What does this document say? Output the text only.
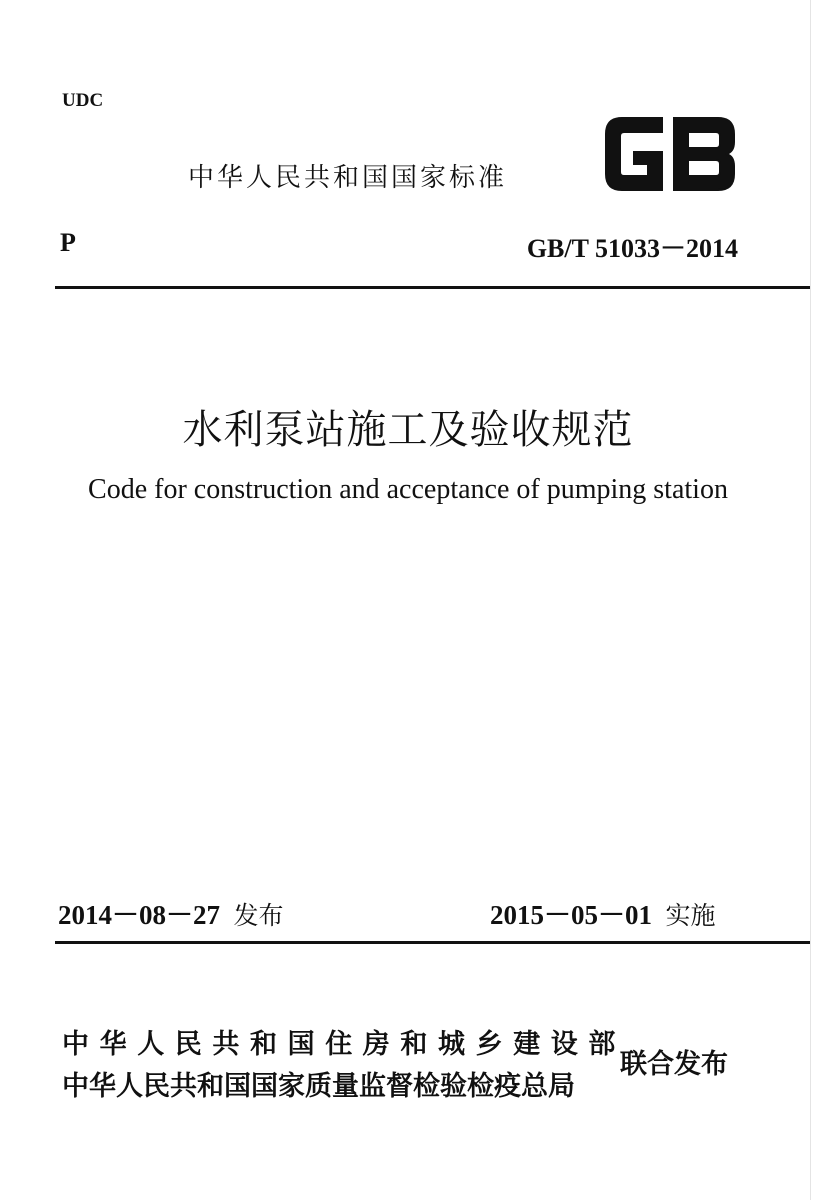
UDC
中华人民共和国国家标准
GB
P	GB/T 51033－2014
水利泵站施工及验收规范
Code for construction and acceptance of pumping station
2014－08－27 发布	2015－05－01 实施
中华人民共和国住房和城乡建设部
中华人民共和国国家质量监督检验检疫总局
联合发布
